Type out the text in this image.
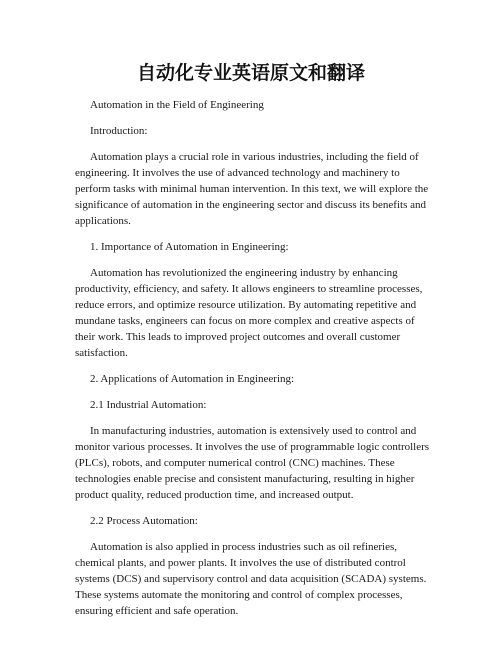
自动化专业英语原文和翻译

Automation in the Field of Engineering

Introduction:

Automation plays a crucial role in various industries, including the field of engineering. It involves the use of advanced technology and machinery to perform tasks with minimal human intervention. In this text, we will explore the significance of automation in the engineering sector and discuss its benefits and applications.

1. Importance of Automation in Engineering:

Automation has revolutionized the engineering industry by enhancing productivity, efficiency, and safety. It allows engineers to streamline processes, reduce errors, and optimize resource utilization. By automating repetitive and mundane tasks, engineers can focus on more complex and creative aspects of their work. This leads to improved project outcomes and overall customer satisfaction.

2. Applications of Automation in Engineering:

2.1 Industrial Automation:

In manufacturing industries, automation is extensively used to control and monitor various processes. It involves the use of programmable logic controllers (PLCs), robots, and computer numerical control (CNC) machines. These technologies enable precise and consistent manufacturing, resulting in higher product quality, reduced production time, and increased output.

2.2 Process Automation:

Automation is also applied in process industries such as oil refineries, chemical plants, and power plants. It involves the use of distributed control systems (DCS) and supervisory control and data acquisition (SCADA) systems. These systems automate the monitoring and control of complex processes, ensuring efficient and safe operation.
